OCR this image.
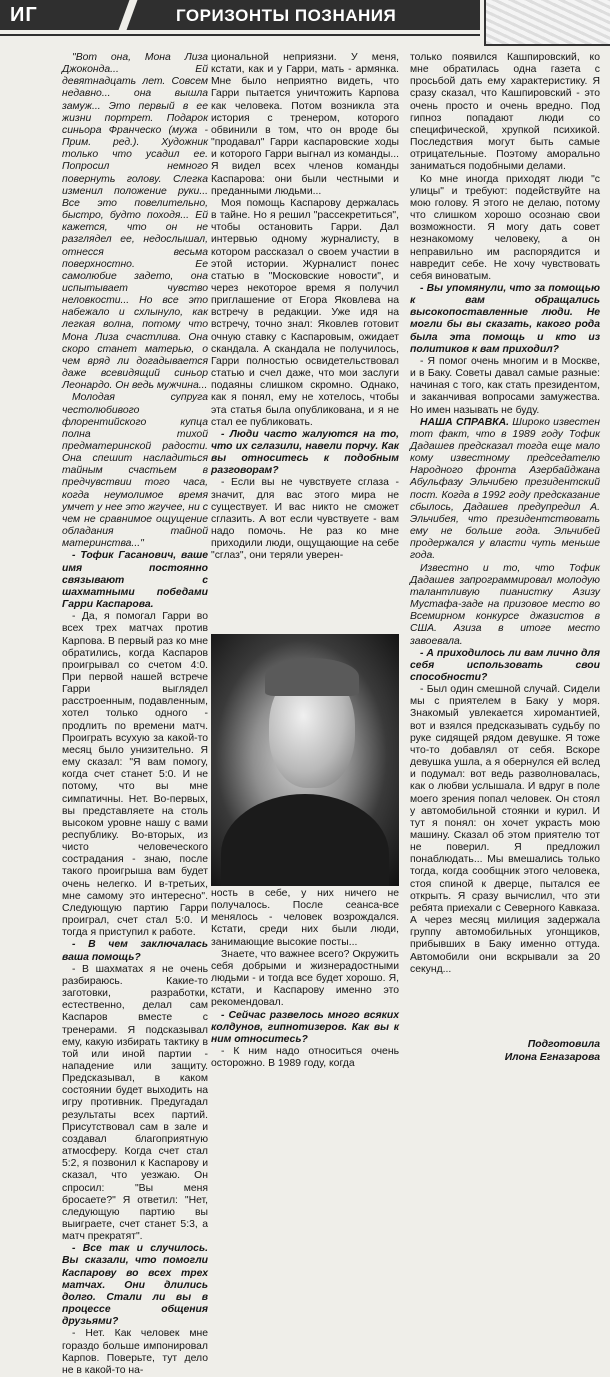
ИГ	ГОРИЗОНТЫ ПОЗНАНИЯ

"Вот она, Мона Лиза Джоконда... Ей девятнадцать лет. Совсем недавно... она вышла замуж... Это первый в ее жизни портрет. Подарок синьора Франческо (мужа - Прим. ред.). Художник только что усадил ее. Попросил немного повернуть голову. Слегка изменил положение руки... Все это повелительно, быстро, будто походя... Ей кажется, что он не разглядел ее, недослышал, отнесся весьма поверхностно. Ее самолюбие задето, она испытывает чувство неловкости... Но все это набежало и схлынуло, как легкая волна, потому что Мона Лиза счастлива. Она скоро станет матерью, о чем вряд ли догадывается даже всевидящий синьор Леонардо. Он ведь мужчина...

Молодая супруга честолюбивого флорентийского купца полна тихой предматеринской радости. Она спешит насладиться тайным счастьем в предчувствии того часа, когда неумолимое время умчет у нее это жгучее, ни с чем не сравнимое ощущение обладания тайной материнства..."

- Тофик Гасанович, ваше имя постоянно связывают с шахматными победами Гарри Каспарова.

- Да, я помогал Гарри во всех трех матчах против Карпова. В первый раз ко мне обратились, когда Каспаров проигрывал со счетом 4:0. При первой нашей встрече Гарри выглядел расстроенным, подавленным, хотел только одного - продлить по времени матч. Проиграть всухую за какой-то месяц было унизительно. Я ему сказал: "Я вам помогу, когда счет станет 5:0. И не потому, что вы мне симпатичны. Нет. Во-первых, вы представляете на столь высоком уровне нашу с вами республику. Во-вторых, из чисто человеческого сострадания - знаю, после такого проигрыша вам будет очень нелегко. И в-третьих, мне самому это интересно". Следующую партию Гарри проиграл, счет стал 5:0. И тогда я приступил к работе.

- В чем заключалась ваша помощь?

- В шахматах я не очень разбираюсь. Какие-то заготовки, разработки, естественно, делал сам Каспаров вместе с тренерами. Я подсказывал ему, какую избирать тактику в той или иной партии - нападение или защиту. Предсказывал, в каком состоянии будет выходить на игру противник. Предугадал результаты всех партий. Присутствовал сам в зале и создавал благоприятную атмосферу. Когда счет стал 5:2, я позвонил к Каспарову и сказал, что уезжаю. Он спросил: "Вы меня бросаете?" Я ответил: "Нет, следующую партию вы выиграете, счет станет 5:3, а матч прекратят".

- Все так и случилось. Вы сказали, что помогли Каспарову во всех трех матчах. Они длились долго. Стали ли вы в процессе общения друзьями?

- Нет. Как человек мне гораздо больше импонировал Карпов. Поверьте, тут дело не в какой-то на-

циональной неприязни. У меня, кстати, как и у Гарри, мать - армянка. Мне было неприятно видеть, что Гарри пытается уничтожить Карпова как человека. Потом возникла эта история с тренером, которого обвинили в том, что он вроде бы "продавал" Гарри каспаровские ходы и которого Гарри выгнал из команды... Я видел всех членов команды Каспарова: они были честными и преданными людьми...

Моя помощь Каспарову держалась в тайне. Но я решил "рассекретиться", чтобы остановить Гарри. Дал интервью одному журналисту, в котором рассказал о своем участии в этой истории. Журналист понес статью в "Московские новости", и через некоторое время я получил приглашение от Егора Яковлева на встречу в редакции. Уже идя на встречу, точно знал: Яковлев готовит очную ставку с Каспаровым, ожидает скандала. А скандала не получилось, Гарри полностью освидетельствовал статью и счел даже, что мои заслуги подаяны слишком скромно. Однако, как я понял, ему не хотелось, чтобы эта статья была опубликована, и я не стал ее публиковать.

- Люди часто жалуются на то, что их сглазили, навели порчу. Как вы относитесь к подобным разговорам?

- Если вы не чувствуете сглаза - значит, для вас этого мира не существует. И вас никто не сможет сглазить. А вот если чувствуете - вам надо помочь. Не раз ко мне приходили люди, ощущающие на себе "сглаз", они теряли уверен-

ность в себе, у них ничего не получалось. После сеанса-все менялось - человек возрождался. Кстати, среди них были люди, занимающие высокие посты...

Знаете, что важнее всего? Окружить себя добрыми и жизнерадостными людьми - и тогда все будет хорошо. Я, кстати, и Каспарову именно это рекомендовал.

- Сейчас развелось много всяких колдунов, гипнотизеров. Как вы к ним относитесь?

- К ним надо относиться очень осторожно. В 1989 году, когда

только появился Кашпировский, ко мне обратилась одна газета с просьбой дать ему характеристику. Я сразу сказал, что Кашпировский - это очень просто и очень вредно. Под гипноз попадают люди со специфической, хрупкой психикой. Последствия могут быть самые отрицательные. Поэтому аморально заниматься подобными делами.

Ко мне иногда приходят люди "с улицы" и требуют: подействуйте на мою голову. Я этого не делаю, потому что слишком хорошо осознаю свои возможности. Я могу дать совет незнакомому человеку, а он неправильно им распорядится и навредит себе. Не хочу чувствовать себя виноватым.

- Вы упомянули, что за помощью к вам обращались высокопоставленные люди. Не могли бы вы сказать, какого рода была эта помощь и кто из политиков к вам приходил?

- Я помог очень многим и в Москве, и в Баку. Советы давал самые разные: начиная с того, как стать президентом, и заканчивая вопросами замужества. Но имен называть не буду.

НАША СПРАВКА. Широко известен тот факт, что в 1989 году Тофик Дадашев предсказал тогда еще мало кому известному председателю Народного фронта Азербайджана Абульфазу Эльчибею президентский пост. Когда в 1992 году предсказание сбылось, Дадашев предупредил А. Эльчибея, что президентствовать ему не больше года. Эльчибей продержался у власти чуть меньше года.

Известно и то, что Тофик Дадашев запрограммировал молодую талантливую пианистку Азизу Мустафа-заде на призовое место во Всемирном конкурсе джазистов в США. Азиза в итоге место завоевала.

- А приходилось ли вам лично для себя использовать свои способности?

- Был один смешной случай. Сидели мы с приятелем в Баку у моря. Знакомый увлекается хиромантией, вот и взялся предсказывать судьбу по руке сидящей рядом девушке. Я тоже что-то добавлял от себя. Вскоре девушка ушла, а я обернулся ей вслед и подумал: вот ведь разволновалась, как о любви услышала. И вдруг в поле моего зрения попал человек. Он стоял у автомобильной стоянки и курил. И тут я понял: он хочет украсть мою машину. Сказал об этом приятелю тот не поверил. Я предложил понаблюдать... Мы вмешались только тогда, когда сообщник этого человека, стоя спиной к дверце, пытался ее открыть. Я сразу вычислил, что эти ребята приехали с Северного Кавказа. А через месяц милиция задержала группу автомобильных угонщиков, прибывших в Баку именно оттуда. Автомобили они вскрывали за 20 секунд...

Подготовила
Илона Егназарова
